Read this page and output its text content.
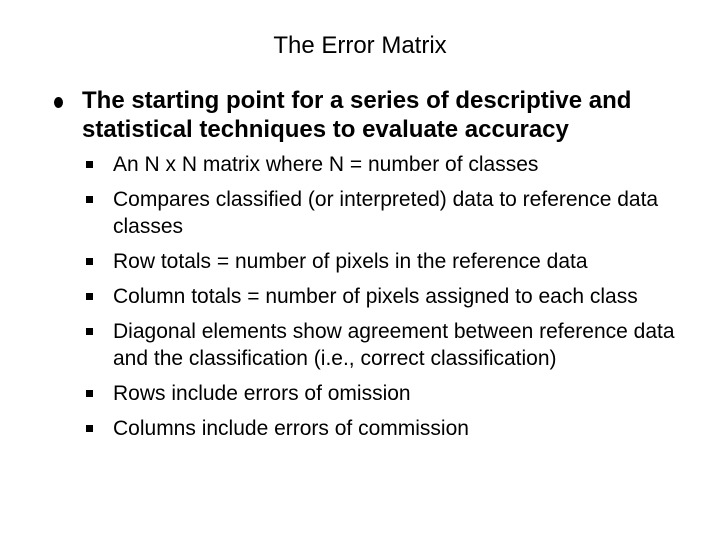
The Error Matrix
The starting point for a series of descriptive and statistical techniques to evaluate accuracy
An N x N matrix where N = number of classes
Compares classified (or interpreted) data to reference data classes
Row totals = number of pixels in the reference data
Column totals = number of pixels assigned to each class
Diagonal elements show agreement between reference data and the classification (i.e., correct classification)
Rows include errors of omission
Columns include errors of commission
